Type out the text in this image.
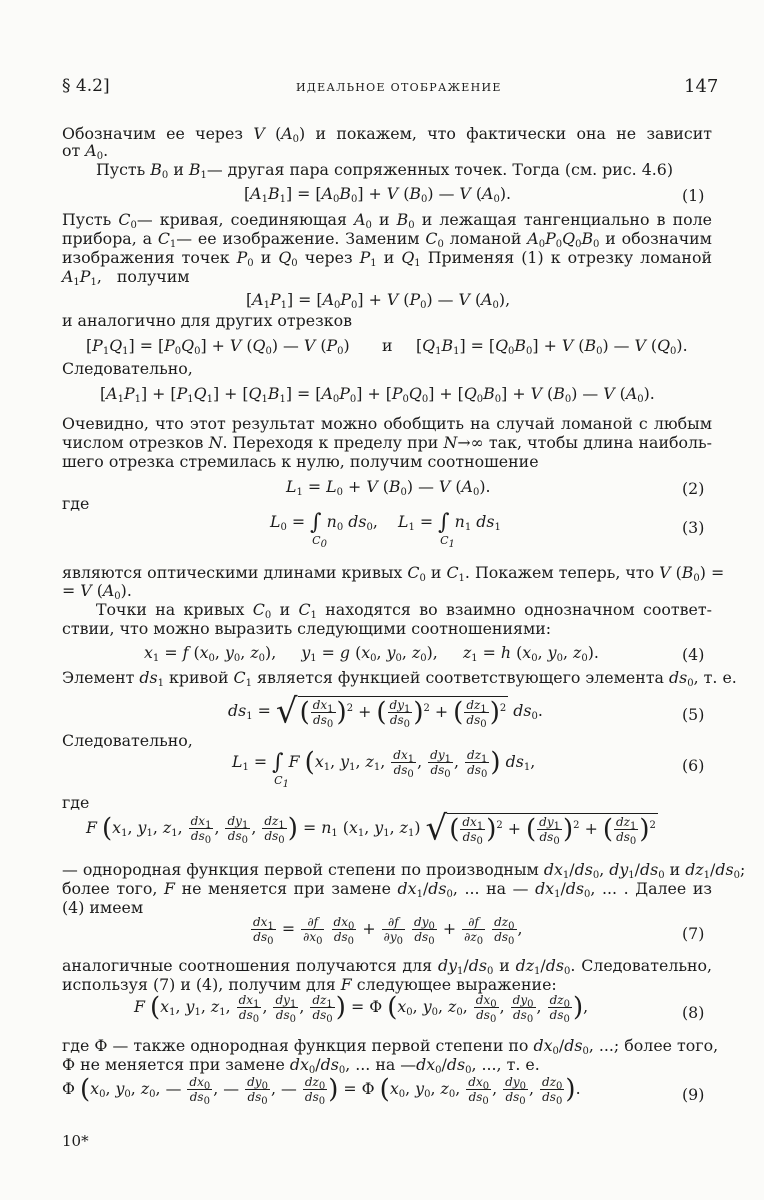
§ 4.2]	ИДЕАЛЬНОЕ ОТОБРАЖЕНИЕ	147
Обозначим ее через V $(A_0)$ и покажем, что фактически она не зависит
от $A_0$.
Пусть $B_0$ и $B_1—$ другая пара сопряженных точек. Тогда (см. рис. 4.6)
$[A_1B_1] = [A_0B_0] + V$ $(B_0)$ — V $(A_0)$.	(1)
Пусть $C_0—$ кривая, соединяющая $A_0$ и $B_0$ и лежащая тангенциально в поле
прибора, а $C_1—$ ее изображение. Заменим $C_0$ ломаной $A_0P_0Q_0B_0$ и обозначим
изображения точек $P_0$ и $Q_0$ через $P_1$ и $Q_1$ Применяя (1) к отрезку ломаной
$A_1P_1$,   получим
$[A_1P_1] = [A_0P_0] + V$ $(P_0)$ — V $(A_0)$,
и аналогично для других отрезков
$[P_1Q_1] = [P_0Q_0] + V$ $(Q_0)$ — V $(P_0)$ и $[Q_1B_1] = [Q_0B_0] + V$ $(B_0)$ — V $(Q_0)$.
Следовательно,
$[A_1P_1] + [P_1Q_1] + [Q_1B_1] = [A_0P_0] + [P_0Q_0] + [Q_0B_0] + V$ $(B_0)$ — V $(A_0)$.
Очевидно, что этот результат можно обобщить на случай ломаной с любым
числом отрезков N. Переходя к пределу при N→∞ так, чтобы длина наиболь-
шего отрезка стремилась к нулю, получим соотношение
$L_1 = L_0 + V$ $(B_0)$ — V $(A_0)$.	(2)
где
$L_0$ = ∫
$C_0$
$n_0$ $ds_0$,    $L_1$ = ∫
$C_1$
$n_1$ $ds_1$	(3)
являются оптическими длинами кривых $C_0$ и $C_1$. Покажем теперь, что V $(B_0)$ =
= V $(A_0)$.
Точки на кривых $C_0$ и $C_1$ находятся во взаимно однозначном соответ-
ствии, что можно выразить следующими соотношениями:
$x_1 = f$ ($x_0$, $y_0$, $z_0$),     $y_1 = g$ ($x_0$, $y_0$, $z_0$),     $z_1 = h$ ($x_0$, $y_0$, $z_0$).	(4)
Элемент $ds_1$ кривой $C_1$ является функцией соответствующего элемента $ds_0$, т. е.
$ds_1$ = √( $\frac{dx_1}{ds_0} )^2$ + ( $\frac{dy_1}{ds_0} )^2$ + ( $\frac{dz_1}{ds_0} )^2$ $ds_0$.	(5)
Следовательно,
$L_1$ = ∫
$C_1$
F ($x_1$, $y_1$, $z_1$, $\frac{dx_1}{ds_0}$ , $\frac{dy_1}{ds_0}$ , $\frac{dz_1}{ds_0}$ ) $ds_1$,	(6)
где
F ($x_1$, $y_1$, $z_1$, $\frac{dx_1}{ds_0}$ , $\frac{dy_1}{ds_0}$ , $\frac{dz_1}{ds_0}$ ) = $n_1$ ($x_1$, $y_1$, $z_1$) √( $\frac{dx_1}{ds_0} )^2$ + ( $\frac{dy_1}{ds_0} )^2$ + ( $\frac{dz_1}{ds_0} )^2$
— однородная функция первой степени по производным $dx_1/ds_0$, $dy_1/ds_0$ и $dz_1/ds_0$;
более того, F не меняется при замене $dx_1/ds_0$, ... на — $dx_1/ds_0$, ... . Далее из
(4) имеем
$\frac{dx_1}{ds_0} = \frac{\partial f}{\partial x_0}$
$\frac{dx_0}{ds_0} + \frac{\partial f}{\partial y_0}$
$\frac{dy_0}{ds_0} + \frac{\partial f}{\partial z_0}$
$\frac{dz_0}{ds_0}$ ,	(7)
аналогичные соотношения получаются для $dy_1/ds_0$ и $dz_1/ds_0$. Следовательно,
используя (7) и (4), получим для F следующее выражение:
F ($x_1$, $y_1$, $z_1$, $\frac{dx_1}{ds_0}$ , $\frac{dy_1}{ds_0}$ , $\frac{dz_1}{ds_0}$ ) = Φ ($x_0$, $y_0$, $z_0$, $\frac{dx_0}{ds_0}$ , $\frac{dy_0}{ds_0}$ , $\frac{dz_0}{ds_0}$ ),	(8)
где Ф — также однородная функция первой степени по $dx_0/ds_0$, ...; более того,
Ф не меняется при замене $dx_0/ds_0$, ... на $—dx_0/ds_0$, ..., т. е.
Φ ($x_0$, $y_0$, $z_0$, — $\frac{dx_0}{ds_0}$ , — $\frac{dy_0}{ds_0}$ , — $\frac{dz_0}{ds_0}$ ) = Φ ($x_0$, $y_0$, $z_0$, $\frac{dx_0}{ds_0}$ , $\frac{dy_0}{ds_0}$ , $\frac{dz_0}{ds_0}$ ).	(9)
10*
